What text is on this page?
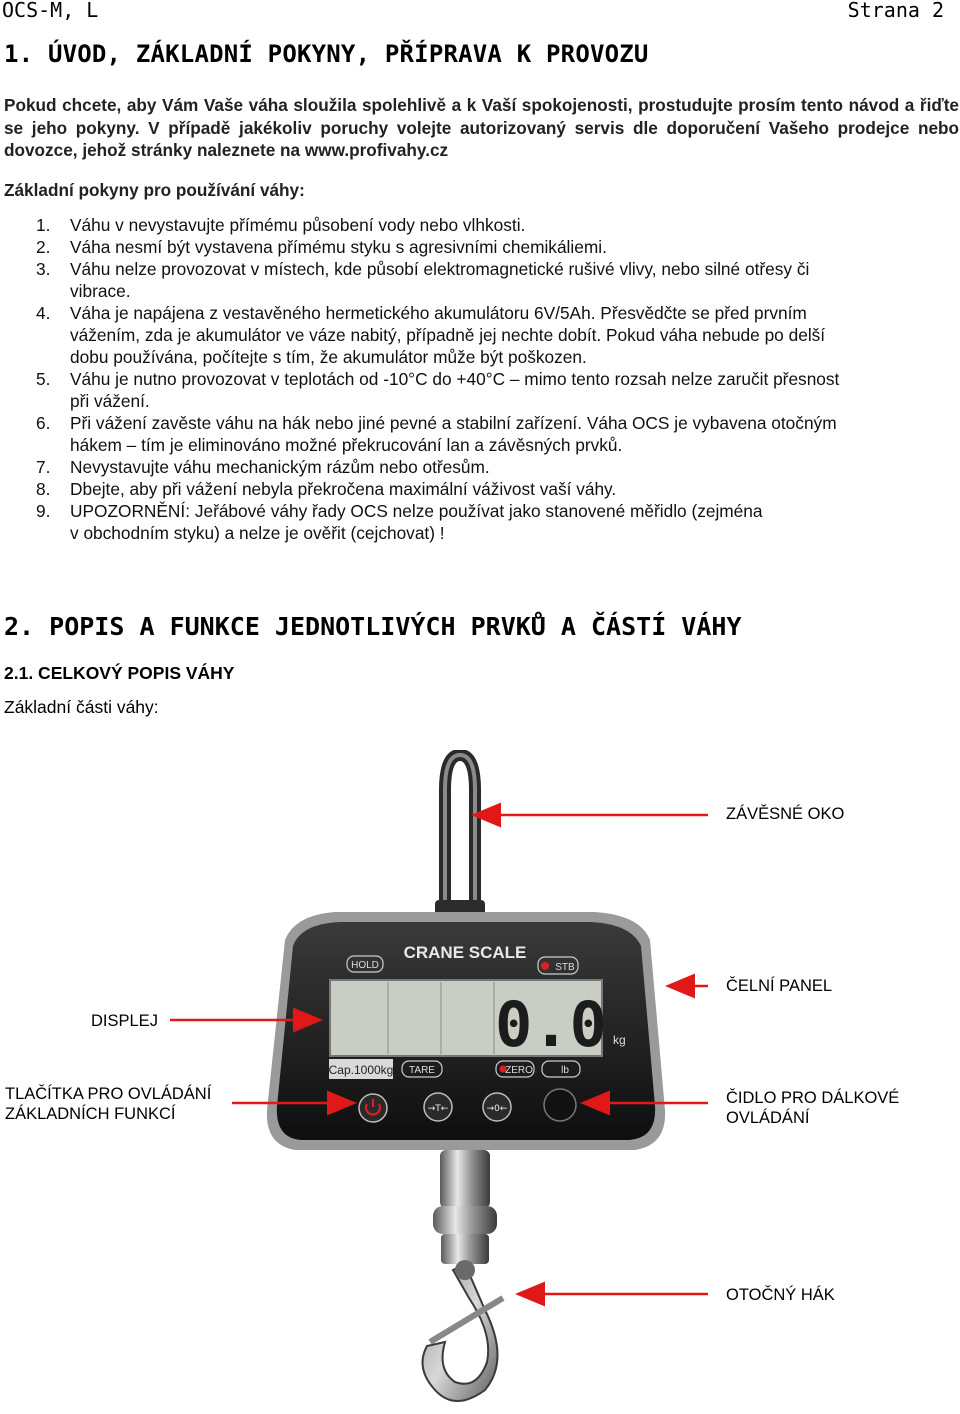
OCS-M, L	Strana 2
1. ÚVOD, ZÁKLADNÍ POKYNY, PŘÍPRAVA K PROVOZU
Pokud chcete, aby Vám Vaše váha sloužila spolehlivě a k Vaší spokojenosti, prostudujte prosím tento návod a řiďte se jeho pokyny. V případě jakékoliv poruchy volejte autorizovaný servis dle doporučení Vašeho prodejce nebo dovozce, jehož stránky naleznete na www.profivahy.cz
Základní pokyny pro používání váhy:
1. Váhu v nevystavujte přímému působení vody nebo vlhkosti.
2. Váha nesmí být vystavena přímému styku s agresivními chemikáliemi.
3. Váhu nelze provozovat v místech, kde působí elektromagnetické rušivé vlivy, nebo silné otřesy či
vibrace.
4. Váha je napájena z vestavěného hermetického akumulátoru 6V/5Ah. Přesvědčte se před prvním
vážením, zda je akumulátor ve váze nabitý, případně jej nechte dobít. Pokud váha nebude po delší
dobu používána, počítejte s tím, že akumulátor může být poškozen.
5. Váhu je nutno provozovat v teplotách od -10°C do +40°C – mimo tento rozsah nelze zaručit přesnost
při vážení.
6. Při vážení zavěste váhu na hák nebo jiné pevné a stabilní zařízení. Váha OCS je vybavena otočným
hákem – tím je eliminováno možné překrucování lan a závěsných prvků.
7. Nevystavujte váhu mechanickým rázům nebo otřesům.
8. Dbejte, aby při vážení nebyla překročena maximální váživost vaší váhy.
9. UPOZORNĚNÍ: Jeřábové váhy řady OCS nelze používat jako stanovené měřidlo (zejména
v obchodním styku) a nelze je ověřit (cejchovat) !
2. POPIS A FUNKCE JEDNOTLIVÝCH PRVKŮ A ČÁSTÍ VÁHY
2.1. CELKOVÝ POPIS VÁHY
Základní části váhy:
CRANE SCALE
HOLD	STB
0.0 kg
Cap.1000kg TARE	ZERO	lb
→T←	→0←
ZÁVĚSNÉ OKO
ČELNÍ PANEL
DISPLEJ
TLAČÍTKA PRO OVLÁDÁNÍ
ZÁKLADNÍCH FUNKCÍ
ČIDLO PRO DÁLKOVÉ
OVLÁDÁNÍ
OTOČNÝ HÁK
